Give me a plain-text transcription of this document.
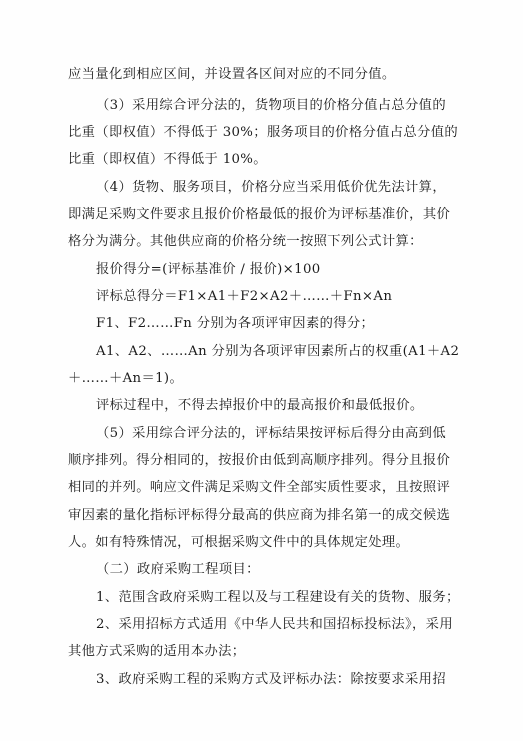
应当量化到相应区间，并设置各区间对应的不同分值。
（3）采用综合评分法的，货物项目的价格分值占总分值的
比重（即权值）不得低于 30%；服务项目的价格分值占总分值的
比重（即权值）不得低于 10%。
（4）货物、服务项目，价格分应当采用低价优先法计算，
即满足采购文件要求且报价价格最低的报价为评标基准价，其价
格分为满分。其他供应商的价格分统一按照下列公式计算：
报价得分=(评标基准价 / 报价)×100
评标总得分＝F1×A1＋F2×A2＋……＋Fn×An
F1、F2……Fn 分别为各项评审因素的得分；
A1、A2、……An 分别为各项评审因素所占的权重(A1＋A2
＋……＋An＝1)。
评标过程中，不得去掉报价中的最高报价和最低报价。
（5）采用综合评分法的，评标结果按评标后得分由高到低
顺序排列。得分相同的，按报价由低到高顺序排列。得分且报价
相同的并列。响应文件满足采购文件全部实质性要求，且按照评
审因素的量化指标评标得分最高的供应商为排名第一的成交候选
人。如有特殊情况，可根据采购文件中的具体规定处理。
（二）政府采购工程项目：
1、范围含政府采购工程以及与工程建设有关的货物、服务；
2、采用招标方式适用《中华人民共和国招标投标法》，采用
其他方式采购的适用本办法；
3、政府采购工程的采购方式及评标办法：除按要求采用招
